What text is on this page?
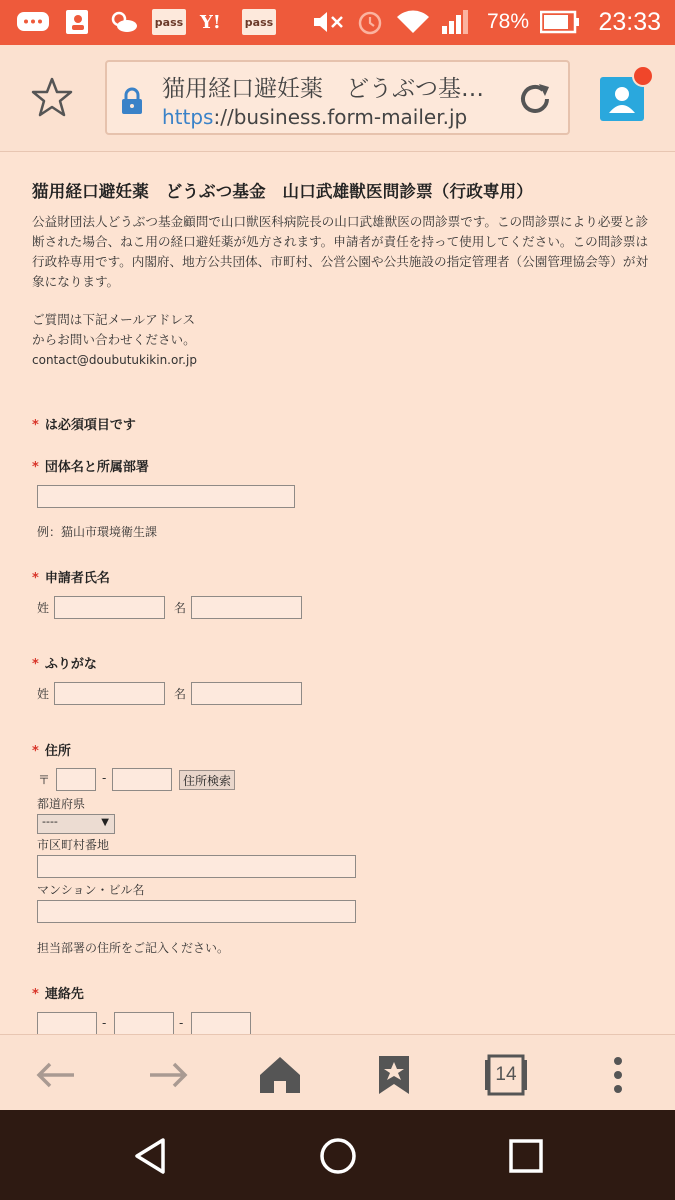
pass Y! pass	78%	23:33
猫用経口避妊薬　どうぶつ基…
https://business.form-mailer.jp
猫用経口避妊薬　どうぶつ基金　山口武雄獣医問診票（行政専用）
公益財団法人どうぶつ基金顧問で山口獣医科病院長の山口武雄獣医の問診票です。この問診票により必要と診断された場合、ねこ用の経口避妊薬が処方されます。申請者が責任を持って使用してください。この問診票は行政枠専用です。内閣府、地方公共団体、市町村、公営公園や公共施設の指定管理者（公園管理協会等）が対象になります。
ご質問は下記メールアドレス
からお問い合わせください。
contact@doubutukikin.or.jp
* は必須項目です
* 団体名と所属部署
例：猫山市環境衛生課
* 申請者氏名
姓	名
* ふりがな
姓	名
* 住所
〒	-	住所検索
都道府県
----	▼
市区町村番地
マンション・ビル名
担当部署の住所をご記入ください。
* 連絡先
-	-
14
